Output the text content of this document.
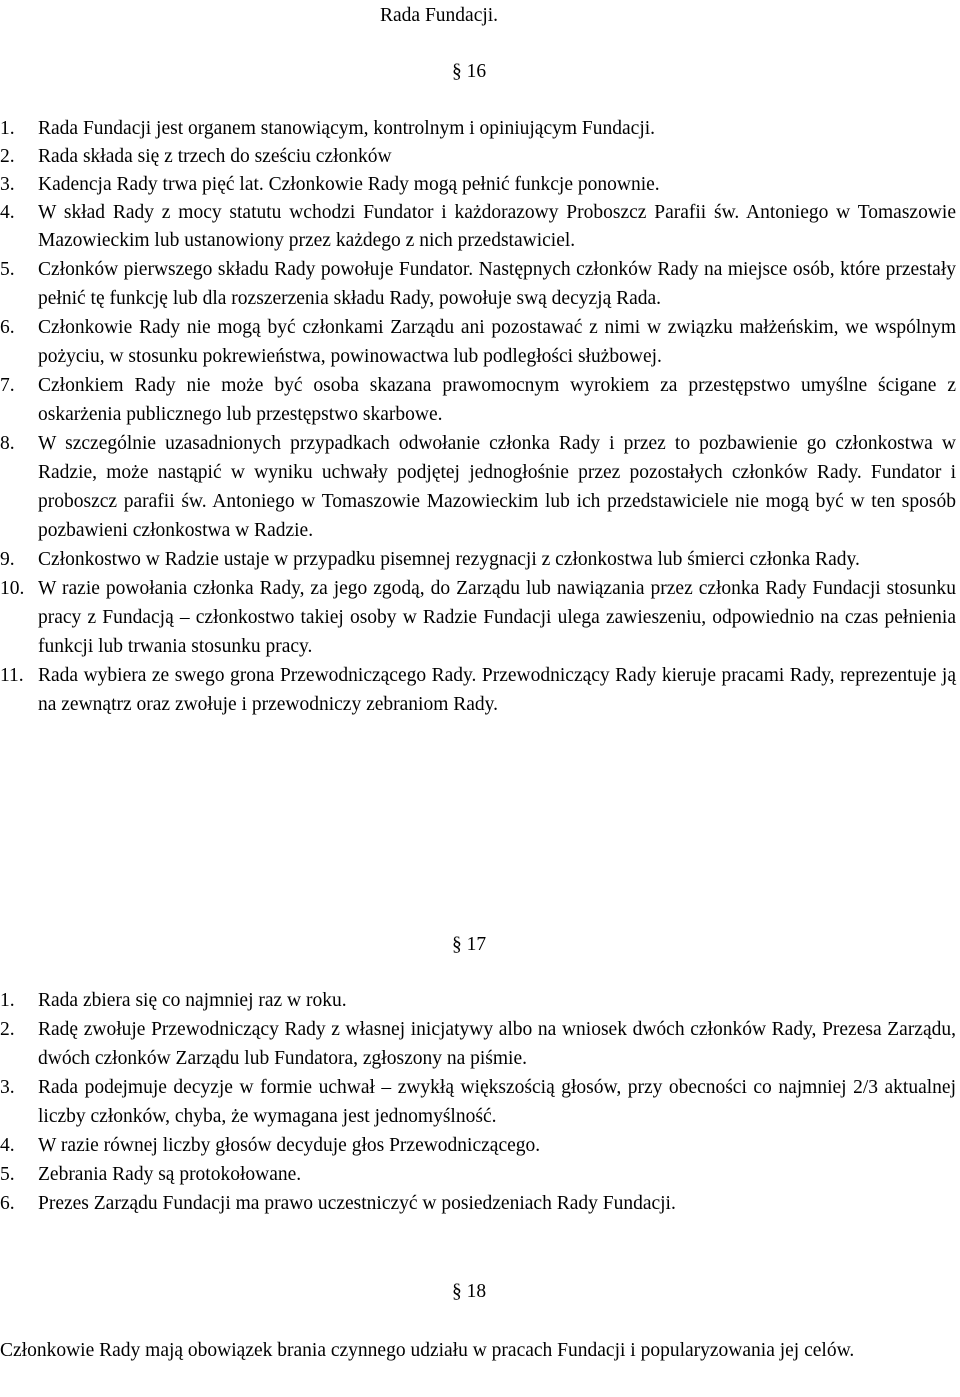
Rada Fundacji.
§ 16
1. Rada Fundacji jest organem stanowiącym, kontrolnym i opiniującym Fundacji.
2. Rada składa się z trzech do sześciu członków
3. Kadencja Rady trwa pięć lat. Członkowie Rady mogą pełnić funkcje ponownie.
4. W skład Rady z mocy statutu wchodzi Fundator i każdorazowy Proboszcz Parafii św. Antoniego w Tomaszowie Mazowieckim lub ustanowiony przez każdego z nich przedstawiciel.
5. Członków pierwszego składu Rady powołuje Fundator. Następnych członków Rady na miejsce osób, które przestały pełnić tę funkcję lub dla rozszerzenia składu Rady, powołuje swą decyzją Rada.
6. Członkowie Rady nie mogą być członkami Zarządu ani pozostawać z nimi w związku małżeńskim, we wspólnym pożyciu, w stosunku pokrewieństwa, powinowactwa lub podległości służbowej.
7. Członkiem Rady nie może być osoba skazana prawomocnym wyrokiem za przestępstwo umyślne ścigane z oskarżenia publicznego lub przestępstwo skarbowe.
8. W szczególnie uzasadnionych przypadkach odwołanie członka Rady i przez to pozbawienie go członkostwa w Radzie, może nastąpić w wyniku uchwały podjętej jednogłośnie przez pozostałych członków Rady. Fundator i proboszcz parafii św. Antoniego w Tomaszowie Mazowieckim lub ich przedstawiciele nie mogą być w ten sposób pozbawieni członkostwa w Radzie.
9. Członkostwo w Radzie ustaje w przypadku pisemnej rezygnacji z członkostwa lub śmierci członka Rady.
10. W razie powołania członka Rady, za jego zgodą, do Zarządu lub nawiązania przez członka Rady Fundacji stosunku pracy z Fundacją – członkostwo takiej osoby w Radzie Fundacji ulega zawieszeniu, odpowiednio na czas pełnienia funkcji lub trwania stosunku pracy.
11. Rada wybiera ze swego grona Przewodniczącego Rady. Przewodniczący Rady kieruje pracami Rady, reprezentuje ją na zewnątrz oraz zwołuje i przewodniczy zebraniom Rady.
§ 17
1. Rada zbiera się co najmniej raz w roku.
2. Radę zwołuje Przewodniczący Rady z własnej inicjatywy albo na wniosek dwóch członków Rady, Prezesa Zarządu, dwóch członków Zarządu lub Fundatora, zgłoszony na piśmie.
3. Rada podejmuje decyzje w formie uchwał – zwykłą większością głosów, przy obecności co najmniej 2/3 aktualnej liczby członków, chyba, że wymagana jest jednomyślność.
4. W razie równej liczby głosów decyduje głos Przewodniczącego.
5. Zebrania Rady są protokołowane.
6. Prezes Zarządu Fundacji ma prawo uczestniczyć w posiedzeniach Rady Fundacji.
§ 18

Członkowie Rady mają obowiązek brania czynnego udziału w pracach Fundacji i popularyzowania jej celów.
